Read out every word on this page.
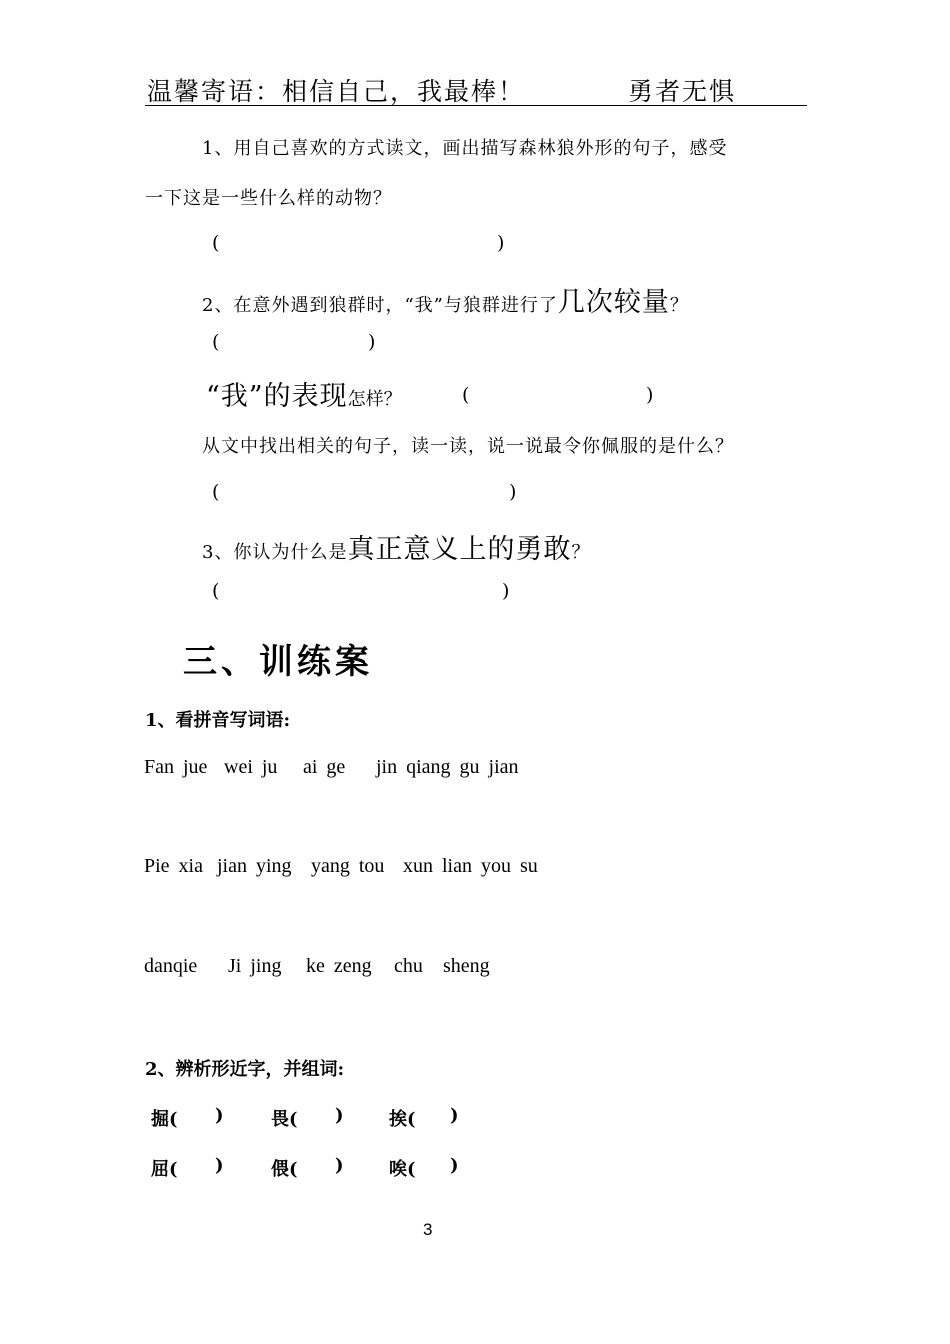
温馨寄语：相信自己，我最棒！	勇者无惧
1、用自己喜欢的方式读文，画出描写森林狼外形的句子，感受
一下这是一些什么样的动物？
(	)
2、在意外遇到狼群时，“我”与狼群进行了几次较量？
(	)
“我”的表现怎样？	(	)
从文中找出相关的句子，读一读，说一说最令你佩服的是什么？
(	)
3、你认为什么是真正意义上的勇敢？
(	)
三、训练案
1、看拼音写词语:
Fan jue wei ju ai ge jin qiang gu jian
Pie xia jian ying yang tou xun lian you su
danqie Ji jing ke zeng chu sheng
2、辨析形近字，并组词:
掘( )	畏( )	挨( )
屈( )	偎( )	唉( )
3
